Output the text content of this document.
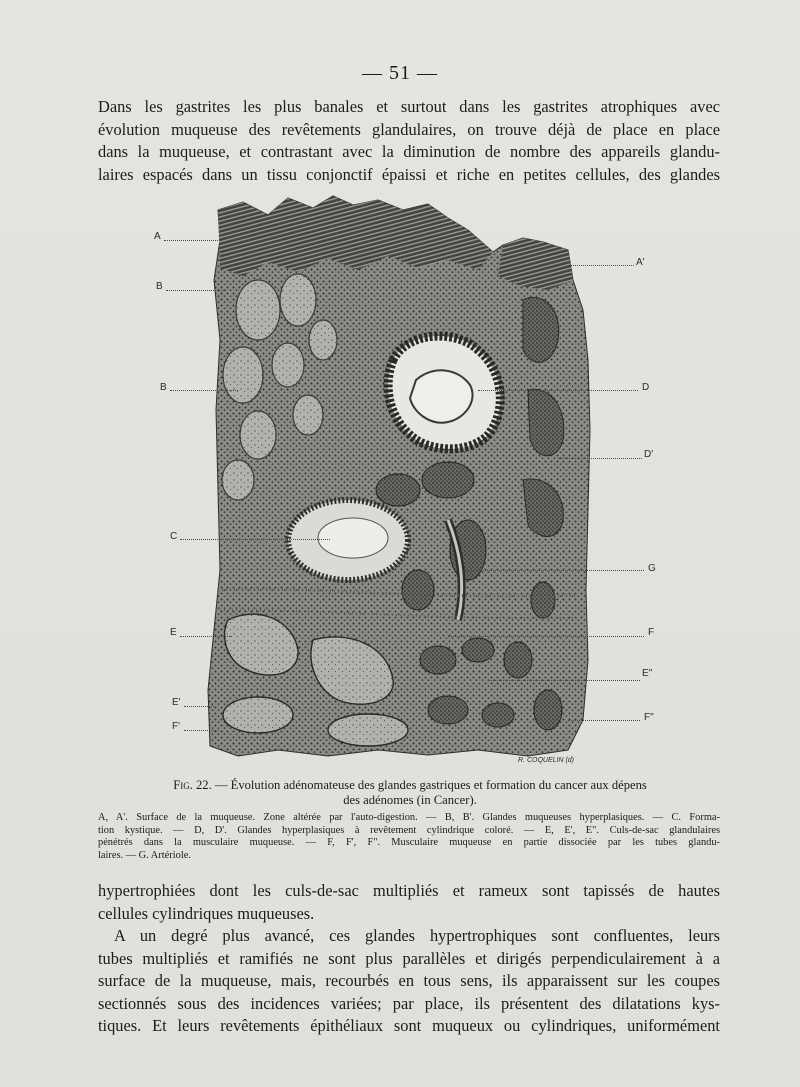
— 51 —
Dans les gastrites les plus banales et surtout dans les gastrites atrophiques avec
évolution muqueuse des revêtements glandulaires, on trouve déjà de place en place
dans la muqueuse, et contrastant avec la diminution de nombre des appareils glandu-
laires espacés dans un tissu conjonctif épaissi et riche en petites cellules, des glandes
A
B
B
C
E
E'
F'
A'
D
D'
G
F
E"
F"
R. COQUELIN (d)
Fig. 22. — Évolution adénomateuse des glandes gastriques et formation du cancer aux dépens
des adénomes (in Cancer).
A, A'. Surface de la muqueuse. Zone altérée par l'auto-digestion. — B, B'. Glandes muqueuses hyperplasiques. — C. Forma-
tion kystique. — D, D'. Glandes hyperplasiques à revêtement cylindrique coloré. — E, E', E". Culs-de-sac glandulaires
pénétrés dans la musculaire muqueuse. — F, F', F". Musculaire muqueuse en partie dissociée par les tubes glandu-
laires. — G. Artériole.
hypertrophiées dont les culs-de-sac multipliés et rameux sont tapissés de hautes
cellules cylindriques muqueuses.
A un degré plus avancé, ces glandes hypertrophiques sont confluentes, leurs
tubes multipliés et ramifiés ne sont plus parallèles et dirigés perpendiculairement à a
surface de la muqueuse, mais, recourbés en tous sens, ils apparaissent sur les coupes
sectionnés sous des incidences variées; par place, ils présentent des dilatations kys-
tiques. Et leurs revêtements épithéliaux sont muqueux ou cylindriques, uniformément
